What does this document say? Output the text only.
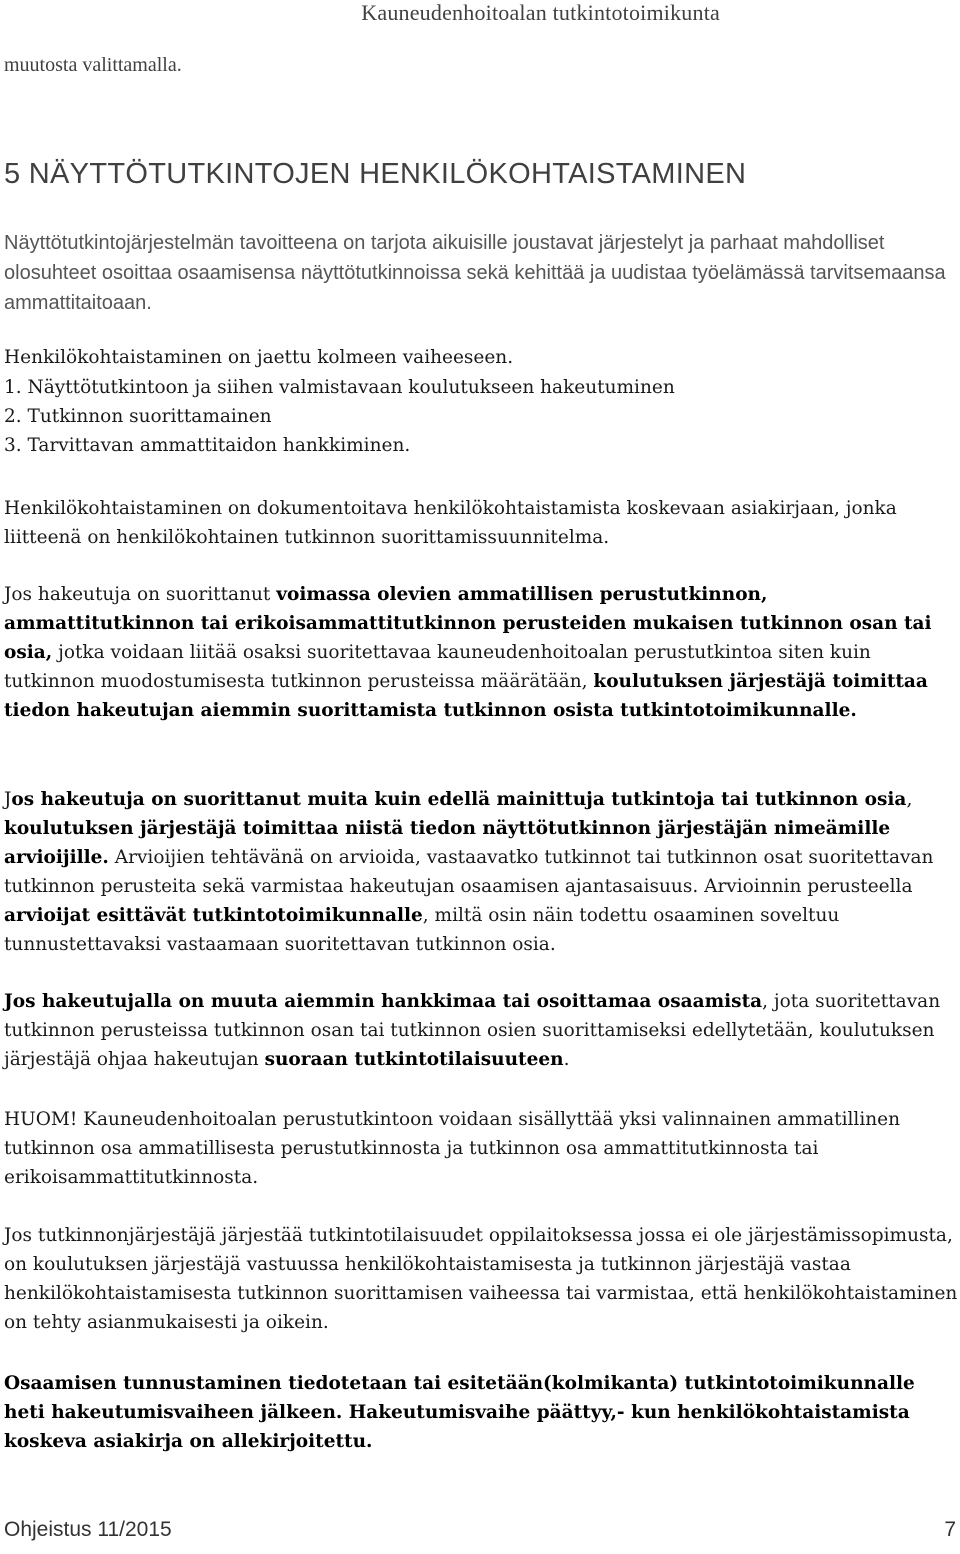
Kauneudenhoitoalan tutkintotoimikunta
muutosta valittamalla.
5 NÄYTTÖTUTKINTOJEN HENKILÖKOHTAISTAMINEN
Näyttötutkintojärjestelmän tavoitteena on tarjota aikuisille joustavat järjestelyt ja parhaat mahdolliset olosuhteet osoittaa osaamisensa näyttötutkinnoissa sekä kehittää ja uudistaa työelämässä tarvitsemaansa ammattitaitoaan.
Henkilökohtaistaminen on jaettu kolmeen vaiheeseen.
1. Näyttötutkintoon ja siihen valmistavaan koulutukseen hakeutuminen
2. Tutkinnon suorittamainen
3. Tarvittavan ammattitaidon hankkiminen.
Henkilökohtaistaminen on dokumentoitava henkilökohtaistamista koskevaan asiakirjaan, jonka liitteenä on henkilökohtainen tutkinnon suorittamissuunnitelma.
Jos hakeutuja on suorittanut voimassa olevien ammatillisen perustutkinnon, ammattitutkinnon tai erikoisammattitutkinnon perusteiden mukaisen tutkinnon osan tai osia, jotka voidaan liitää osaksi suoritettavaa kauneudenhoitoalan perustutkintoa siten kuin tutkinnon muodostumisesta tutkinnon perusteissa määrätään, koulutuksen järjestäjä toimittaa tiedon hakeutujan aiemmin suorittamista tutkinnon osista tutkintotoimikunnalle.
Jos hakeutuja on suorittanut muita kuin edellä mainittuja tutkintoja tai tutkinnon osia, koulutuksen järjestäjä toimittaa niistä tiedon näyttötutkinnon järjestäjän nimeämille arvioijille. Arvioijien tehtävänä on arvioida, vastaavatko tutkinnot tai tutkinnon osat suoritettavan tutkinnon perusteita sekä varmistaa hakeutujan osaamisen ajantasaisuus. Arvioinnin perusteella arvioijat esittävät tutkintotoimikunnalle, miltä osin näin todettu osaaminen soveltuu tunnustettavaksi vastaamaan suoritettavan tutkinnon osia.
Jos hakeutujalla on muuta aiemmin hankkimaa tai osoittamaa osaamista, jota suoritettavan tutkinnon perusteissa tutkinnon osan tai tutkinnon osien suorittamiseksi edellytetään, koulutuksen järjestäjä ohjaa hakeutujan suoraan tutkintotilaisuuteen.
HUOM! Kauneudenhoitoalan perustutkintoon voidaan sisällyttää yksi valinnainen ammatillinen tutkinnon osa ammatillisesta perustutkinnosta ja tutkinnon osa ammattitutkinnosta tai erikoisammattitutkinnosta.
Jos tutkinnonjärjestäjä järjestää tutkintotilaisuudet oppilaitoksessa jossa ei ole järjestämissopimusta, on koulutuksen järjestäjä vastuussa henkilökohtaistamisesta ja tutkinnon järjestäjä vastaa henkilökohtaistamisesta tutkinnon suorittamisen vaiheessa tai varmistaa, että henkilökohtaistaminen on tehty asianmukaisesti ja oikein.
Osaamisen tunnustaminen tiedotetaan tai esitetään(kolmikanta) tutkintotoimikunnalle heti hakeutumisvaiheen jälkeen. Hakeutumisvaihe päättyy,- kun henkilökohtaistamista koskeva asiakirja on allekirjoitettu.
Ohjeistus 11/2015	7
